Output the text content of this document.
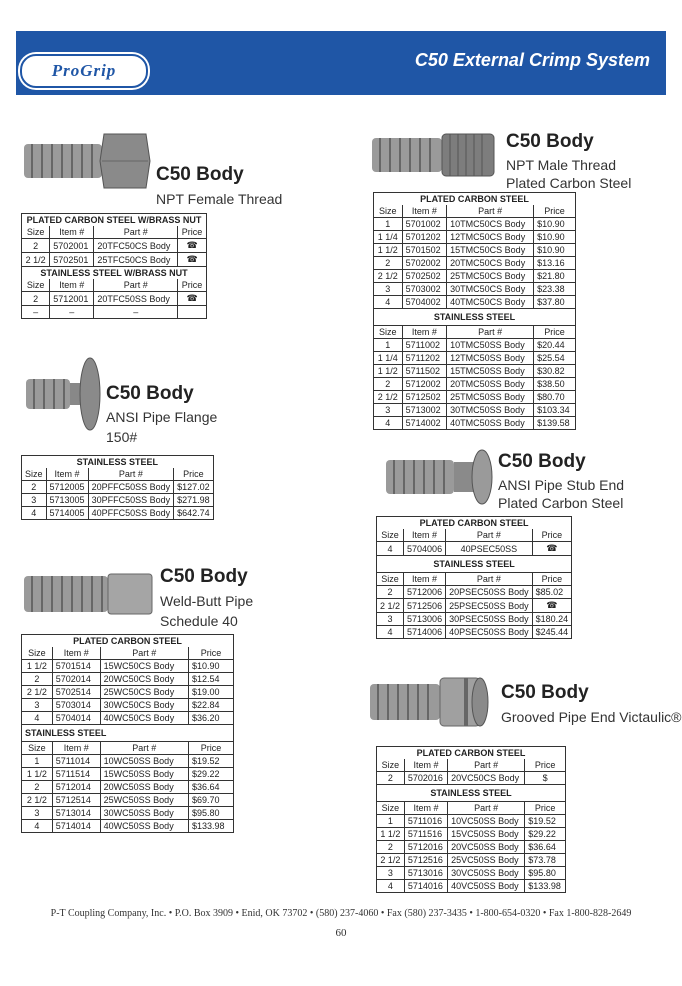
ProGrip
C50 External Crimp System
C50 Body
NPT Female Thread
PLATED CARBON STEEL W/BRASS NUT			
Size	Item #	Part #	Price
2	5702001	20TFC50CS Body	☎
2 1/2	5702501	25TFC50CS Body	☎
STAINLESS STEEL W/BRASS NUT			
Size	Item #	Part #	Price
2	5712001	20TFC50SS Body	☎
–	–	–	
C50 Body
NPT Male Thread
Plated Carbon Steel
PLATED CARBON STEEL			
Size	Item #	Part #	Price
1	5701002	10TMC50CS Body	$10.90
1 1/4	5701202	12TMC50CS Body	$10.90
1 1/2	5701502	15TMC50CS Body	$10.90
2	5702002	20TMC50CS Body	$13.16
2 1/2	5702502	25TMC50CS Body	$21.80
3	5703002	30TMC50CS Body	$23.38
4	5704002	40TMC50CS Body	$37.80
STAINLESS STEEL			
Size	Item #	Part #	Price
1	5711002	10TMC50SS Body	$20.44
1 1/4	5711202	12TMC50SS Body	$25.54
1 1/2	5711502	15TMC50SS Body	$30.82
2	5712002	20TMC50SS Body	$38.50
2 1/2	5712502	25TMC50SS Body	$80.70
3	5713002	30TMC50SS Body	$103.34
4	5714002	40TMC50SS Body	$139.58
C50 Body
ANSI Pipe Flange
150#
STAINLESS STEEL			
Size	Item #	Part #	Price
2	5712005	20PFFC50SS Body	$127.02
3	5713005	30PFFC50SS Body	$271.98
4	5714005	40PFFC50SS Body	$642.74
C50 Body
ANSI Pipe Stub End
Plated Carbon Steel
PLATED CARBON STEEL			
Size	Item #	Part #	Price
4	5704006	40PSEC50SS	☎
STAINLESS STEEL			
Size	Item #	Part #	Price
2	5712006	20PSEC50SS Body	$85.02
2 1/2	5712506	25PSEC50SS Body	☎
3	5713006	30PSEC50SS Body	$180.24
4	5714006	40PSEC50SS Body	$245.44
C50 Body
Weld-Butt Pipe
Schedule 40
PLATED CARBON STEEL			
Size	Item #	Part #	Price
1 1/2	5701514	15WC50CS Body	$10.90
2	5702014	20WC50CS Body	$12.54
2 1/2	5702514	25WC50CS Body	$19.00
3	5703014	30WC50CS Body	$22.84
4	5704014	40WC50CS Body	$36.20
STAINLESS STEEL			
Size	Item #	Part #	Price
1	5711014	10WC50SS Body	$19.52
1 1/2	5711514	15WC50SS Body	$29.22
2	5712014	20WC50SS Body	$36.64
2 1/2	5712514	25WC50SS Body	$69.70
3	5713014	30WC50SS Body	$95.80
4	5714014	40WC50SS Body	$133.98
C50 Body
Grooved Pipe End Victaulic®
PLATED CARBON STEEL			
Size	Item #	Part #	Price
2	5702016	20VC50CS Body	$
STAINLESS STEEL			
Size	Item #	Part #	Price
1	5711016	10VC50SS Body	$19.52
1 1/2	5711516	15VC50SS Body	$29.22
2	5712016	20VC50SS Body	$36.64
2 1/2	5712516	25VC50SS Body	$73.78
3	5713016	30VC50SS Body	$95.80
4	5714016	40VC50SS Body	$133.98
P-T Coupling Company, Inc. • P.O. Box 3909 • Enid, OK 73702 • (580) 237-4060 • Fax (580) 237-3435 • 1-800-654-0320 • Fax 1-800-828-2649
60
